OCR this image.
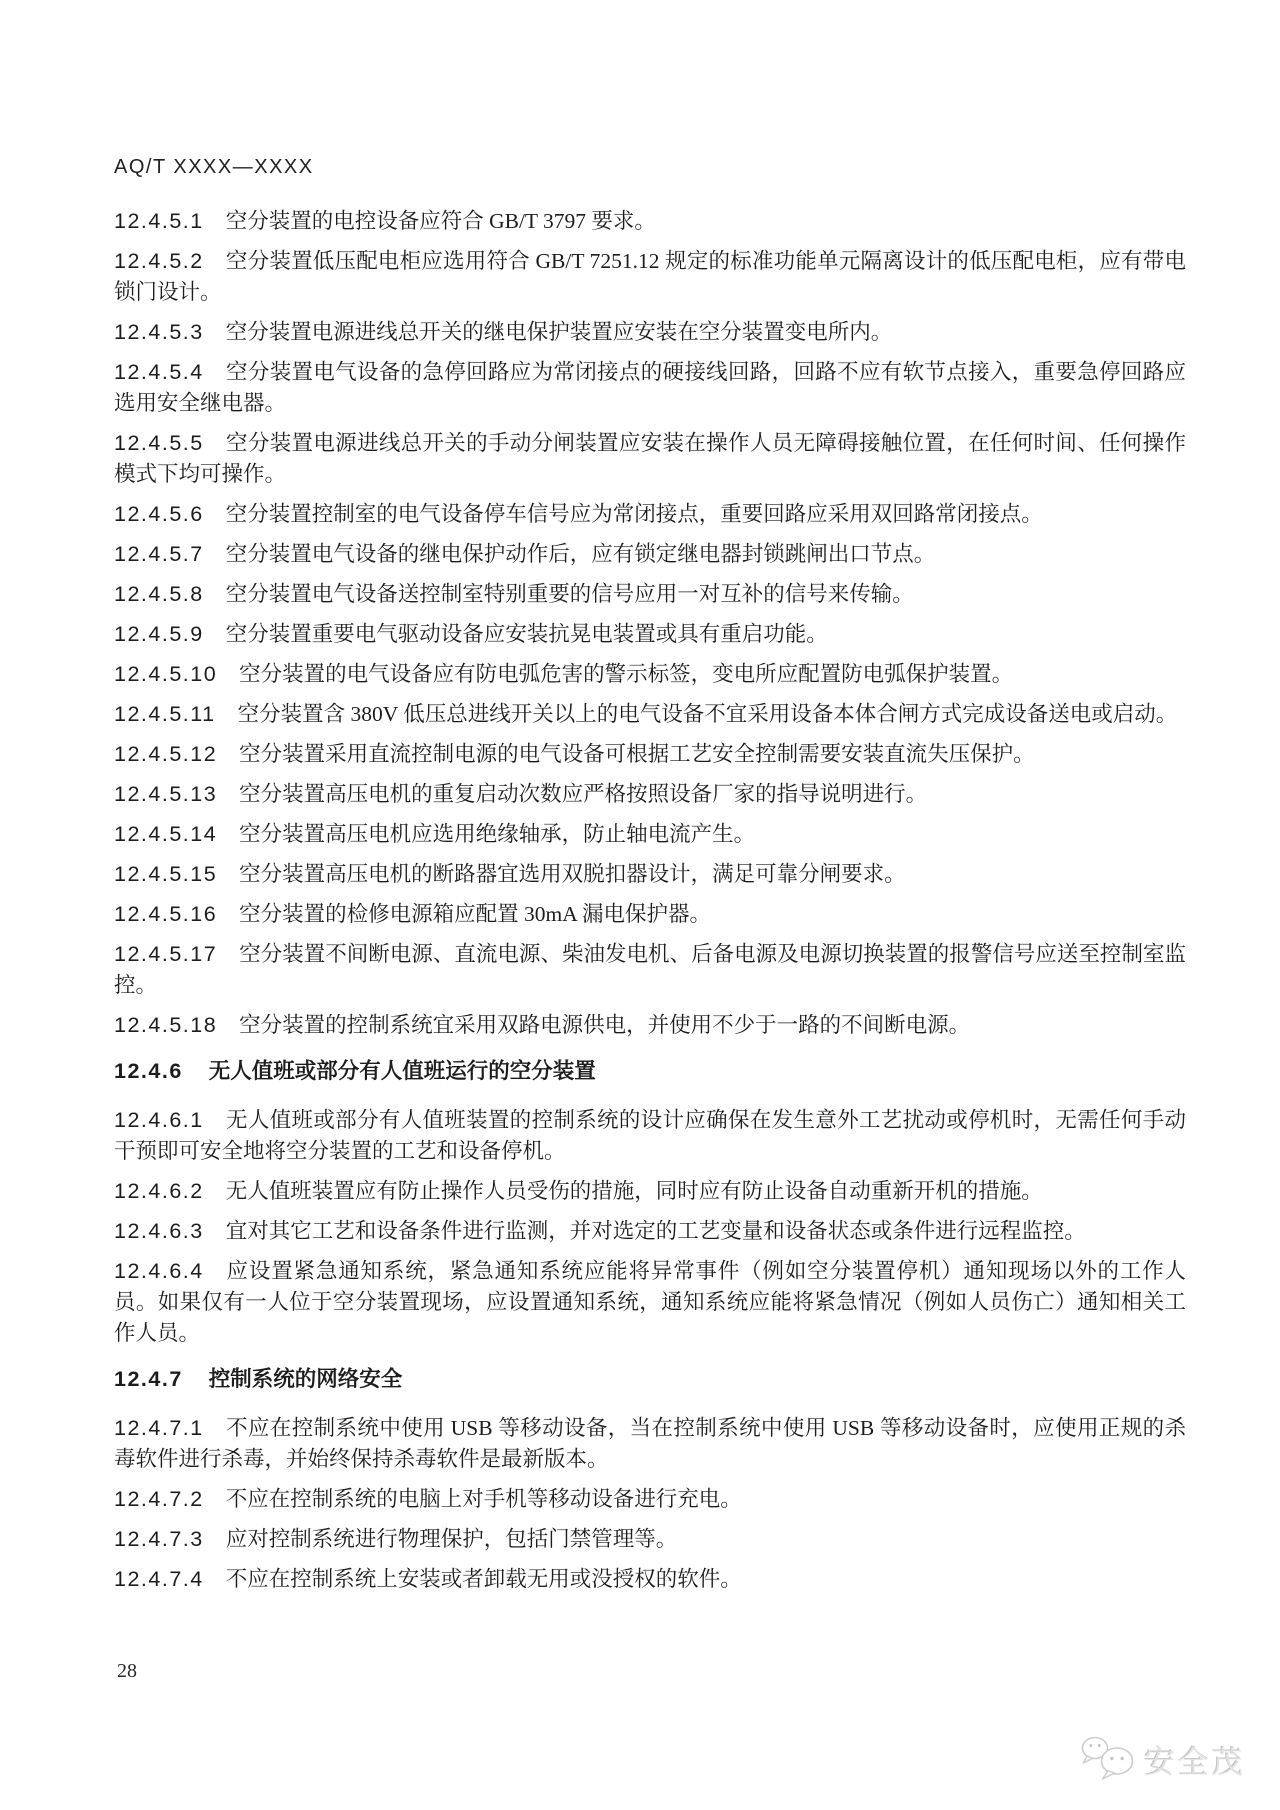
AQ/T XXXX—XXXX

12.4.5.1 空分装置的电控设备应符合 GB/T 3797 要求。

12.4.5.2 空分装置低压配电柜应选用符合 GB/T 7251.12 规定的标准功能单元隔离设计的低压配电柜，应有带电锁门设计。

12.4.5.3 空分装置电源进线总开关的继电保护装置应安装在空分装置变电所内。

12.4.5.4 空分装置电气设备的急停回路应为常闭接点的硬接线回路，回路不应有软节点接入，重要急停回路应选用安全继电器。

12.4.5.5 空分装置电源进线总开关的手动分闸装置应安装在操作人员无障碍接触位置，在任何时间、任何操作模式下均可操作。

12.4.5.6 空分装置控制室的电气设备停车信号应为常闭接点，重要回路应采用双回路常闭接点。

12.4.5.7 空分装置电气设备的继电保护动作后，应有锁定继电器封锁跳闸出口节点。

12.4.5.8 空分装置电气设备送控制室特别重要的信号应用一对互补的信号来传输。

12.4.5.9 空分装置重要电气驱动设备应安装抗晃电装置或具有重启功能。

12.4.5.10 空分装置的电气设备应有防电弧危害的警示标签，变电所应配置防电弧保护装置。

12.4.5.11 空分装置含 380V 低压总进线开关以上的电气设备不宜采用设备本体合闸方式完成设备送电或启动。

12.4.5.12 空分装置采用直流控制电源的电气设备可根据工艺安全控制需要安装直流失压保护。

12.4.5.13 空分装置高压电机的重复启动次数应严格按照设备厂家的指导说明进行。

12.4.5.14 空分装置高压电机应选用绝缘轴承，防止轴电流产生。

12.4.5.15 空分装置高压电机的断路器宜选用双脱扣器设计，满足可靠分闸要求。

12.4.5.16 空分装置的检修电源箱应配置 30mA 漏电保护器。

12.4.5.17 空分装置不间断电源、直流电源、柴油发电机、后备电源及电源切换装置的报警信号应送至控制室监控。

12.4.5.18 空分装置的控制系统宜采用双路电源供电，并使用不少于一路的不间断电源。

12.4.6 无人值班或部分有人值班运行的空分装置

12.4.6.1 无人值班或部分有人值班装置的控制系统的设计应确保在发生意外工艺扰动或停机时，无需任何手动干预即可安全地将空分装置的工艺和设备停机。

12.4.6.2 无人值班装置应有防止操作人员受伤的措施，同时应有防止设备自动重新开机的措施。

12.4.6.3 宜对其它工艺和设备条件进行监测，并对选定的工艺变量和设备状态或条件进行远程监控。

12.4.6.4 应设置紧急通知系统，紧急通知系统应能将异常事件（例如空分装置停机）通知现场以外的工作人员。如果仅有一人位于空分装置现场，应设置通知系统，通知系统应能将紧急情况（例如人员伤亡）通知相关工作人员。

12.4.7 控制系统的网络安全

12.4.7.1 不应在控制系统中使用 USB 等移动设备，当在控制系统中使用 USB 等移动设备时，应使用正规的杀毒软件进行杀毒，并始终保持杀毒软件是最新版本。

12.4.7.2 不应在控制系统的电脑上对手机等移动设备进行充电。

12.4.7.3 应对控制系统进行物理保护，包括门禁管理等。

12.4.7.4 不应在控制系统上安装或者卸载无用或没授权的软件。

28
安全茂
